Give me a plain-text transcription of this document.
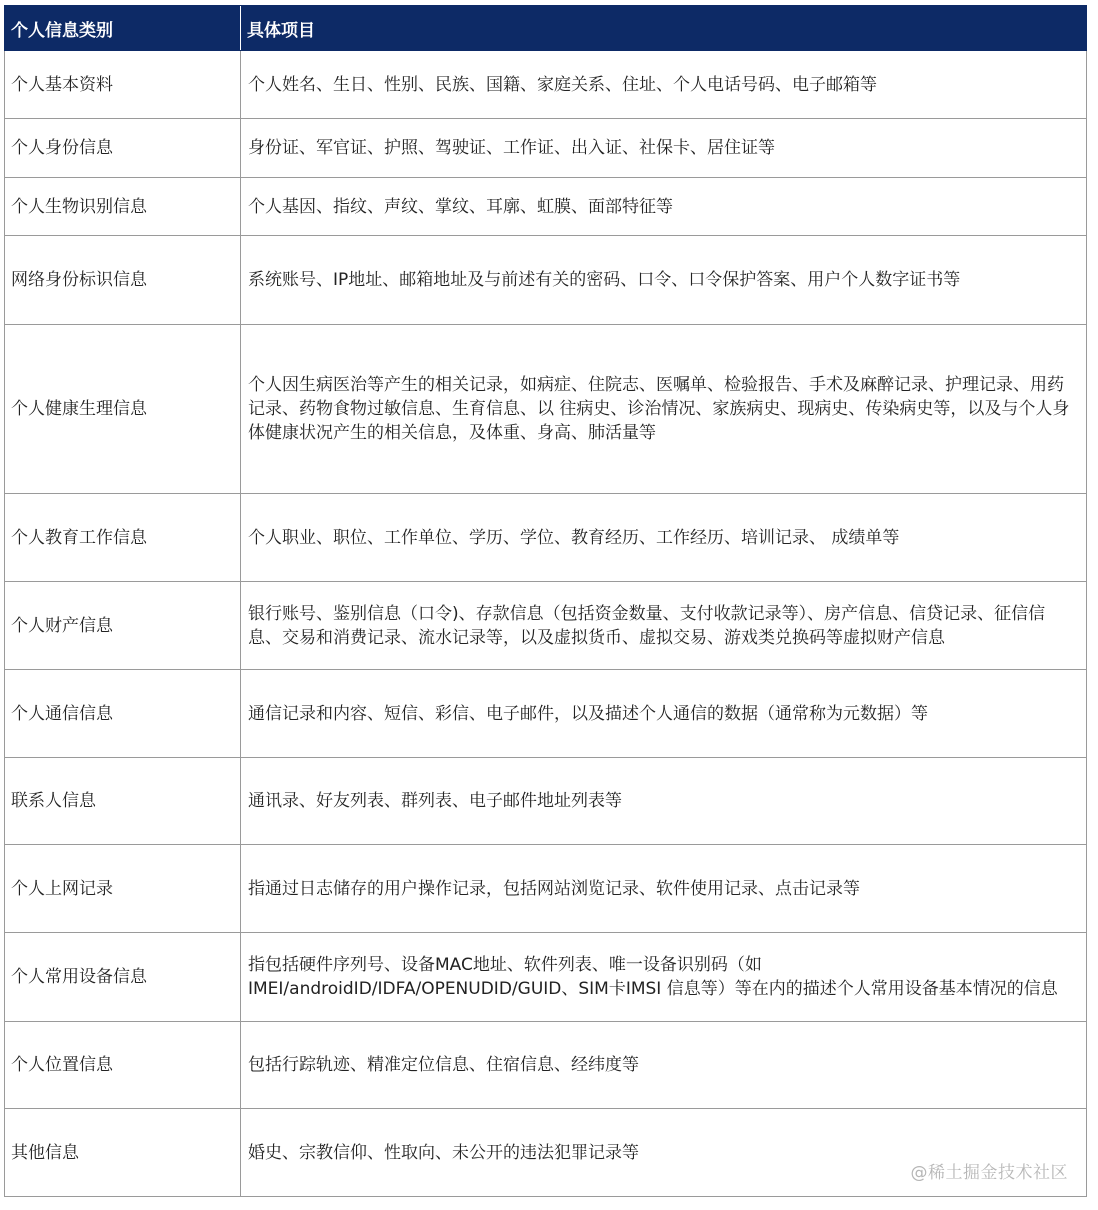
个人信息类别	具体项目
个人基本资料	个人姓名、生日、性别、民族、国籍、家庭关系、住址、个人电话号码、电子邮箱等
个人身份信息	身份证、军官证、护照、驾驶证、工作证、出入证、社保卡、居住证等
个人生物识别信息	个人基因、指纹、声纹、掌纹、耳廓、虹膜、面部特征等
网络身份标识信息	系统账号、IP地址、邮箱地址及与前述有关的密码、口令、口令保护答案、用户个人数字证书等
个人健康生理信息	个人因生病医治等产生的相关记录，如病症、住院志、医嘱单、检验报告、手术及麻醉记录、护理记录、用药记录、药物食物过敏信息、生育信息、以 往病史、诊治情况、家族病史、现病史、传染病史等，以及与个人身体健康状况产生的相关信息，及体重、身高、肺活量等
个人教育工作信息	个人职业、职位、工作单位、学历、学位、教育经历、工作经历、培训记录、 成绩单等
个人财产信息	银行账号、鉴别信息（口令)、存款信息（包括资金数量、支付收款记录等）、房产信息、信贷记录、征信信息、交易和消费记录、流水记录等，以及虚拟货币、虚拟交易、游戏类兑换码等虚拟财产信息
个人通信信息	通信记录和内容、短信、彩信、电子邮件，以及描述个人通信的数据（通常称为元数据）等
联系人信息	通讯录、好友列表、群列表、电子邮件地址列表等
个人上网记录	指通过日志储存的用户操作记录，包括网站浏览记录、软件使用记录、点击记录等
个人常用设备信息	指包括硬件序列号、设备MAC地址、软件列表、唯一设备识别码（如 IMEI/androidID/IDFA/OPENUDID/GUID、SIM卡IMSI 信息等）等在内的描述个人常用设备基本情况的信息
个人位置信息	包括行踪轨迹、精准定位信息、住宿信息、经纬度等
其他信息	婚史、宗教信仰、性取向、未公开的违法犯罪记录等
@稀土掘金技术社区
